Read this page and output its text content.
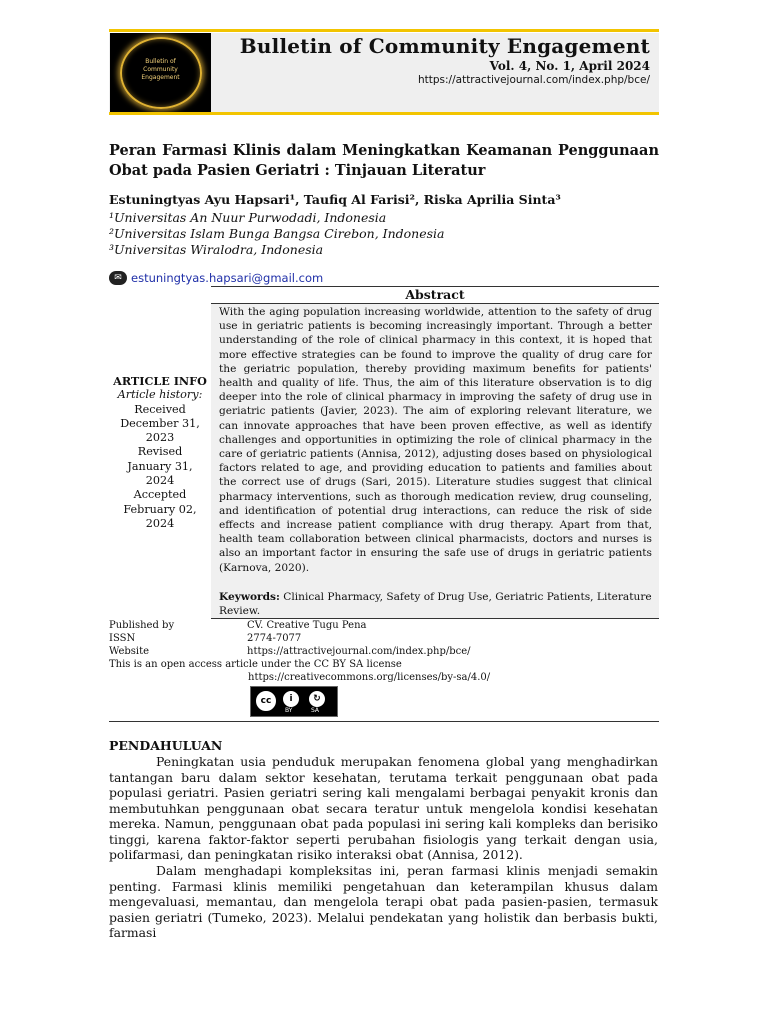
Bulletin of
Community
Engagement
Bulletin of Community Engagement
Vol. 4, No. 1, April 2024
https://attractivejournal.com/index.php/bce/
Peran Farmasi Klinis dalam Meningkatkan Keamanan Penggunaan Obat pada Pasien Geriatri : Tinjauan Literatur
Estuningtyas Ayu Hapsari¹, Taufiq Al Farisi², Riska Aprilia Sinta³
¹Universitas An Nuur Purwodadi, Indonesia
²Universitas Islam Bunga Bangsa Cirebon, Indonesia
³Universitas Wiralodra, Indonesia
✉ estuningtyas.hapsari@gmail.com
Abstract
With the aging population increasing worldwide, attention to the safety of drug use in geriatric patients is becoming increasingly important. Through a better understanding of the role of clinical pharmacy in this context, it is hoped that more effective strategies can be found to improve the quality of drug care for the geriatric population, thereby providing maximum benefits for patients' health and quality of life. Thus, the aim of this literature observation is to dig deeper into the role of clinical pharmacy in improving the safety of drug use in geriatric patients (Javier, 2023). The aim of exploring relevant literature, we can innovate approaches that have been proven effective, as well as identify challenges and opportunities in optimizing the role of clinical pharmacy in the care of geriatric patients (Annisa, 2012), adjusting doses based on physiological factors related to age, and providing education to patients and families about the correct use of drugs (Sari, 2015). Literature studies suggest that clinical pharmacy interventions, such as thorough medication review, drug counseling, and identification of potential drug interactions, can reduce the risk of side effects and increase patient compliance with drug therapy. Apart from that, health team collaboration between clinical pharmacists, doctors and nurses is also an important factor in ensuring the safe use of drugs in geriatric patients (Karnova, 2020).
Keywords: Clinical Pharmacy, Safety of Drug Use, Geriatric Patients, Literature Review.
ARTICLE INFO
Article history:
Received
December 31, 2023
Revised
January 31, 2024
Accepted
February 02, 2024
Published by	CV. Creative Tugu Pena
ISSN	2774-7077
Website	https://attractivejournal.com/index.php/bce/
This is an open access article under the CC BY SA license
https://creativecommons.org/licenses/by-sa/4.0/
cc	i	↻
BY	SA
PENDAHULUAN
Peningkatan usia penduduk merupakan fenomena global yang menghadirkan tantangan baru dalam sektor kesehatan, terutama terkait penggunaan obat pada populasi geriatri. Pasien geriatri sering kali mengalami berbagai penyakit kronis dan membutuhkan penggunaan obat secara teratur untuk mengelola kondisi kesehatan mereka. Namun, penggunaan obat pada populasi ini sering kali kompleks dan berisiko tinggi, karena faktor-faktor seperti perubahan fisiologis yang terkait dengan usia, polifarmasi, dan peningkatan risiko interaksi obat (Annisa, 2012).
Dalam menghadapi kompleksitas ini, peran farmasi klinis menjadi semakin penting. Farmasi klinis memiliki pengetahuan dan keterampilan khusus dalam mengevaluasi, memantau, dan mengelola terapi obat pada pasien-pasien, termasuk pasien geriatri (Tumeko, 2023). Melalui pendekatan yang holistik dan berbasis bukti, farmasi
